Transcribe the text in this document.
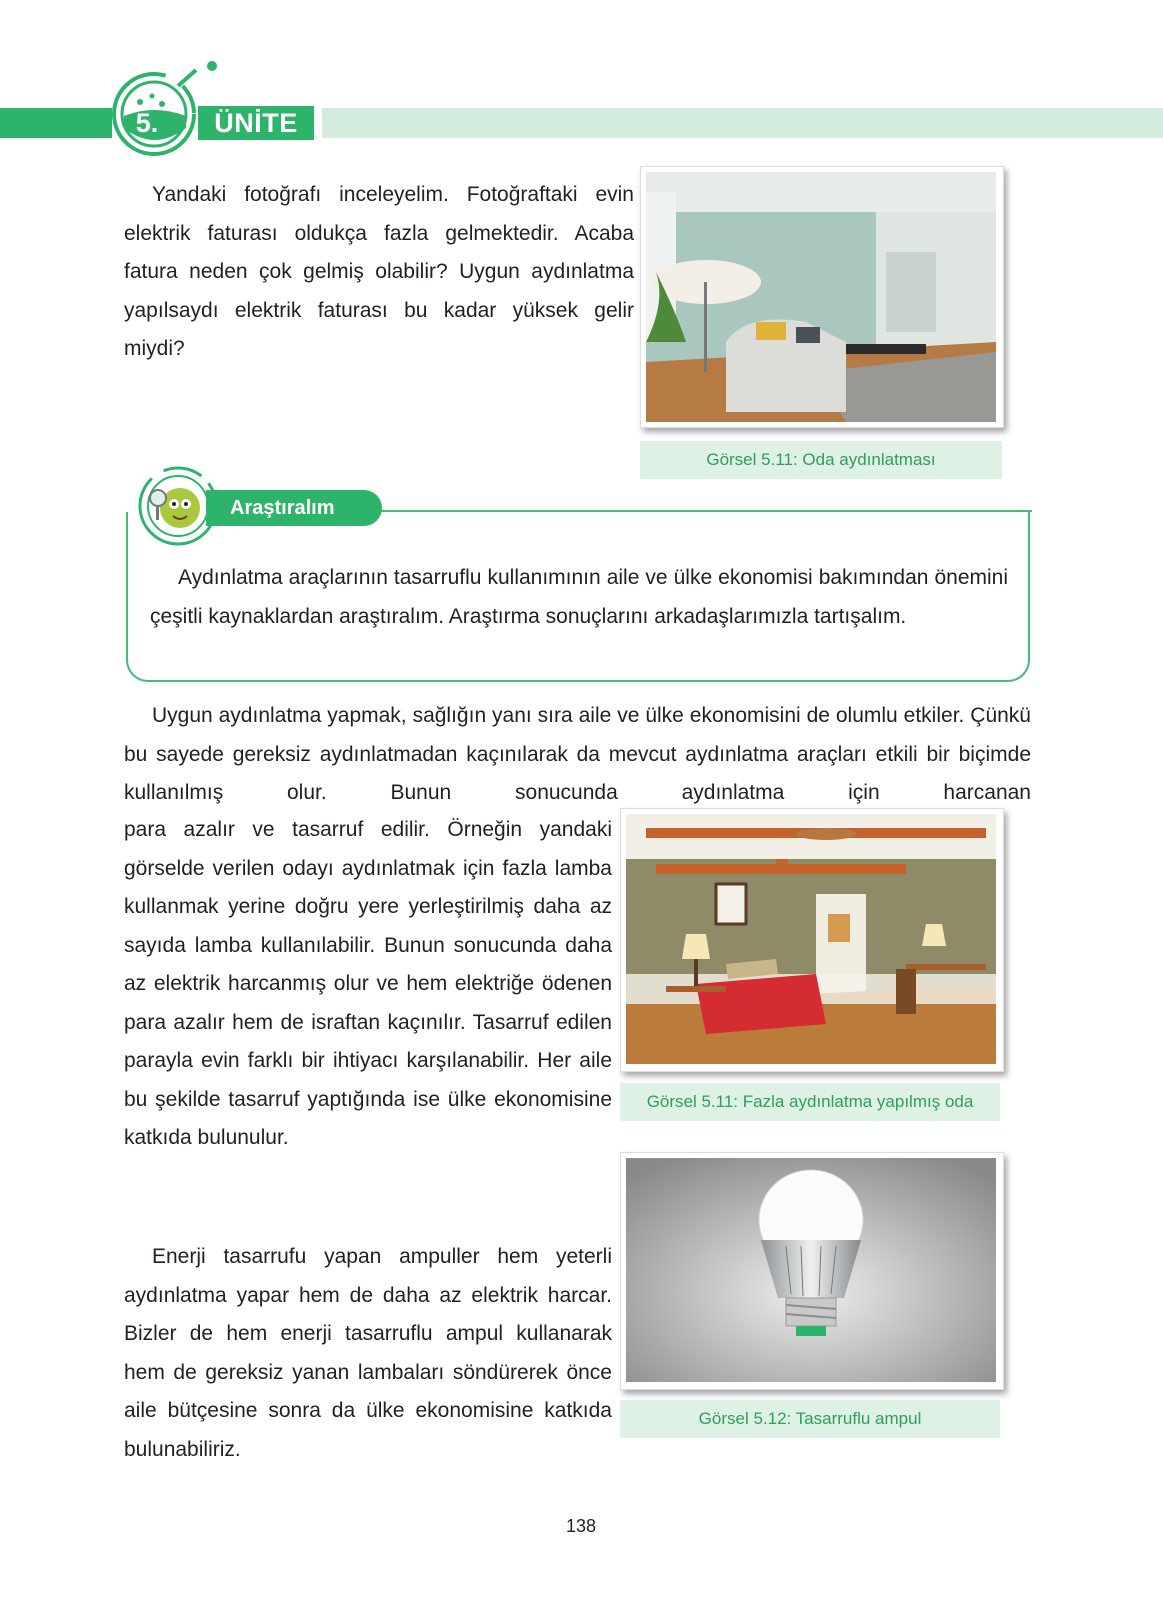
5.	ÜNİTE

Yandaki fotoğrafı inceleyelim. Fotoğraftaki evin elektrik faturası oldukça fazla gelmektedir. Acaba fatura neden çok gelmiş olabilir? Uygun aydınlatma yapılsaydı elektrik faturası bu kadar yüksek gelir miydi?

Görsel 5.11: Oda aydınlatması
Araştıralım

Aydınlatma araçlarının tasarruflu kullanımının aile ve ülke ekonomisi bakımından önemini çeşitli kaynaklardan araştıralım. Araştırma sonuçlarını arkadaşlarımızla tartışalım.

Uygun aydınlatma yapmak, sağlığın yanı sıra aile ve ülke ekonomisini de olumlu etkiler. Çünkü bu sayede gereksiz aydınlatmadan kaçınılarak da mevcut aydınlatma araçları etkili bir biçimde kullanılmış olur. Bunun sonucunda aydınlatma için harcanan

para azalır ve tasarruf edilir. Örneğin yandaki görselde verilen odayı aydınlatmak için fazla lamba kullanmak yerine doğru yere yerleştirilmiş daha az sayıda lamba kullanılabilir. Bunun sonucunda daha az elektrik harcanmış olur ve hem elektriğe ödenen para azalır hem de israftan kaçınılır. Tasarruf edilen parayla evin farklı bir ihtiyacı karşılanabilir. Her aile bu şekilde tasarruf yaptığında ise ülke ekonomisine katkıda bulunulur.

Görsel 5.11: Fazla aydınlatma yapılmış oda

Enerji tasarrufu yapan ampuller hem yeterli aydınlatma yapar hem de daha az elektrik harcar. Bizler de hem enerji tasarruflu ampul kullanarak hem de gereksiz yanan lambaları söndürerek önce aile bütçesine sonra da ülke ekonomisine katkıda bulunabiliriz.

Görsel 5.12: Tasarruflu ampul
138
